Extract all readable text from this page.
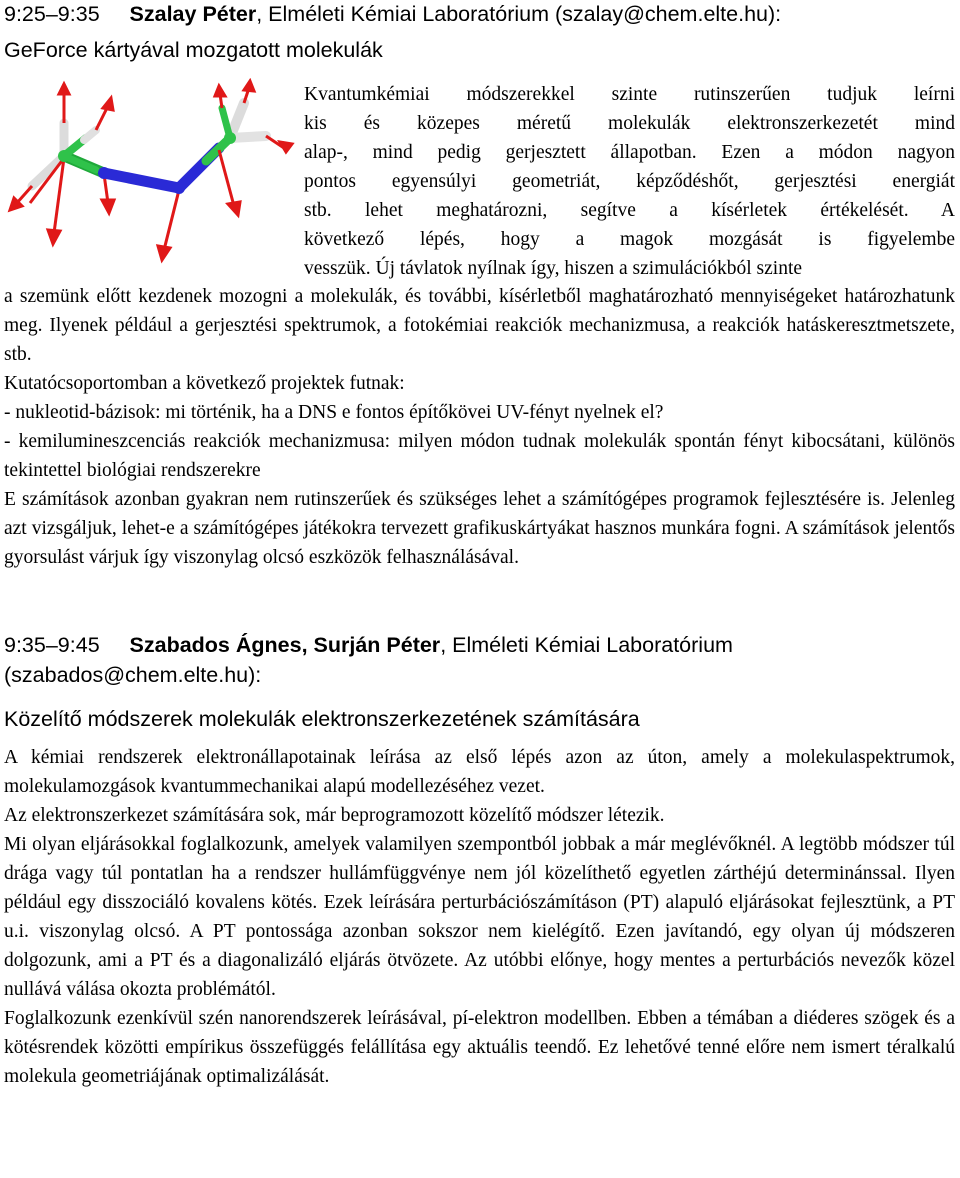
9:25–9:35 Szalay Péter, Elméleti Kémiai Laboratórium (szalay@chem.elte.hu):
GeForce kártyával mozgatott molekulák
Kvantumkémiai módszerekkel szinte rutinszerűen tudjuk leírni
kis és közepes méretű molekulák elektronszerkezetét mind
alap-, mind pedig gerjesztett állapotban. Ezen a módon nagyon
pontos egyensúlyi geometriát, képződéshőt, gerjesztési energiát
stb. lehet meghatározni, segítve a kísérletek értékelését. A
következő lépés, hogy a magok mozgását is figyelembe
vesszük. Új távlatok nyílnak így, hiszen a szimulációkból szinte

a szemünk előtt kezdenek mozogni a molekulák, és további, kísérletből maghatározható mennyiségeket határozhatunk meg. Ilyenek például a gerjesztési spektrumok, a fotokémiai reakciók mechanizmusa, a reakciók hatáskeresztmetszete, stb.

Kutatócsoportomban a következő projektek futnak:

- nukleotid-bázisok: mi történik, ha a DNS e fontos építőkövei UV-fényt nyelnek el?

- kemilumineszcenciás reakciók mechanizmusa: milyen módon tudnak molekulák spontán fényt kibocsátani, különös tekintettel biológiai rendszerekre

E számítások azonban gyakran nem rutinszerűek és szükséges lehet a számítógépes programok fejlesztésére is. Jelenleg azt vizsgáljuk, lehet-e a számítógépes játékokra tervezett grafikuskártyákat hasznos munkára fogni. A számítások jelentős gyorsulást várjuk így viszonylag olcsó eszközök felhasználásával.

9:35–9:45 Szabados Ágnes, Surján Péter, Elméleti Kémiai Laboratórium
(szabados@chem.elte.hu):
Közelítő módszerek molekulák elektronszerkezetének számítására

A kémiai rendszerek elektronállapotainak leírása az első lépés azon az úton, amely a molekulaspektrumok, molekulamozgások kvantummechanikai alapú modellezéséhez vezet.

Az elektronszerkezet számítására sok, már beprogramozott közelítő módszer létezik.

Mi olyan eljárásokkal foglalkozunk, amelyek valamilyen szempontból jobbak a már meglévőknél. A legtöbb módszer túl drága vagy túl pontatlan ha a rendszer hullámfüggvénye nem jól közelíthető egyetlen zárthéjú determinánssal. Ilyen például egy disszociáló kovalens kötés. Ezek leírására perturbációszámításon (PT) alapuló eljárásokat fejlesztünk, a PT u.i. viszonylag olcsó. A PT pontossága azonban sokszor nem kielégítő. Ezen javítandó, egy olyan új módszeren dolgozunk, ami a PT és a diagonalizáló eljárás ötvözete. Az utóbbi előnye, hogy mentes a perturbációs nevezők közel nullává válása okozta problémától.

Foglalkozunk ezenkívül szén nanorendszerek leírásával, pí-elektron modellben. Ebben a témában a diéderes szögek és a kötésrendek közötti empírikus összefüggés felállítása egy aktuális teendő. Ez lehetővé tenné előre nem ismert téralkalú molekula geometriájának optimalizálását.
